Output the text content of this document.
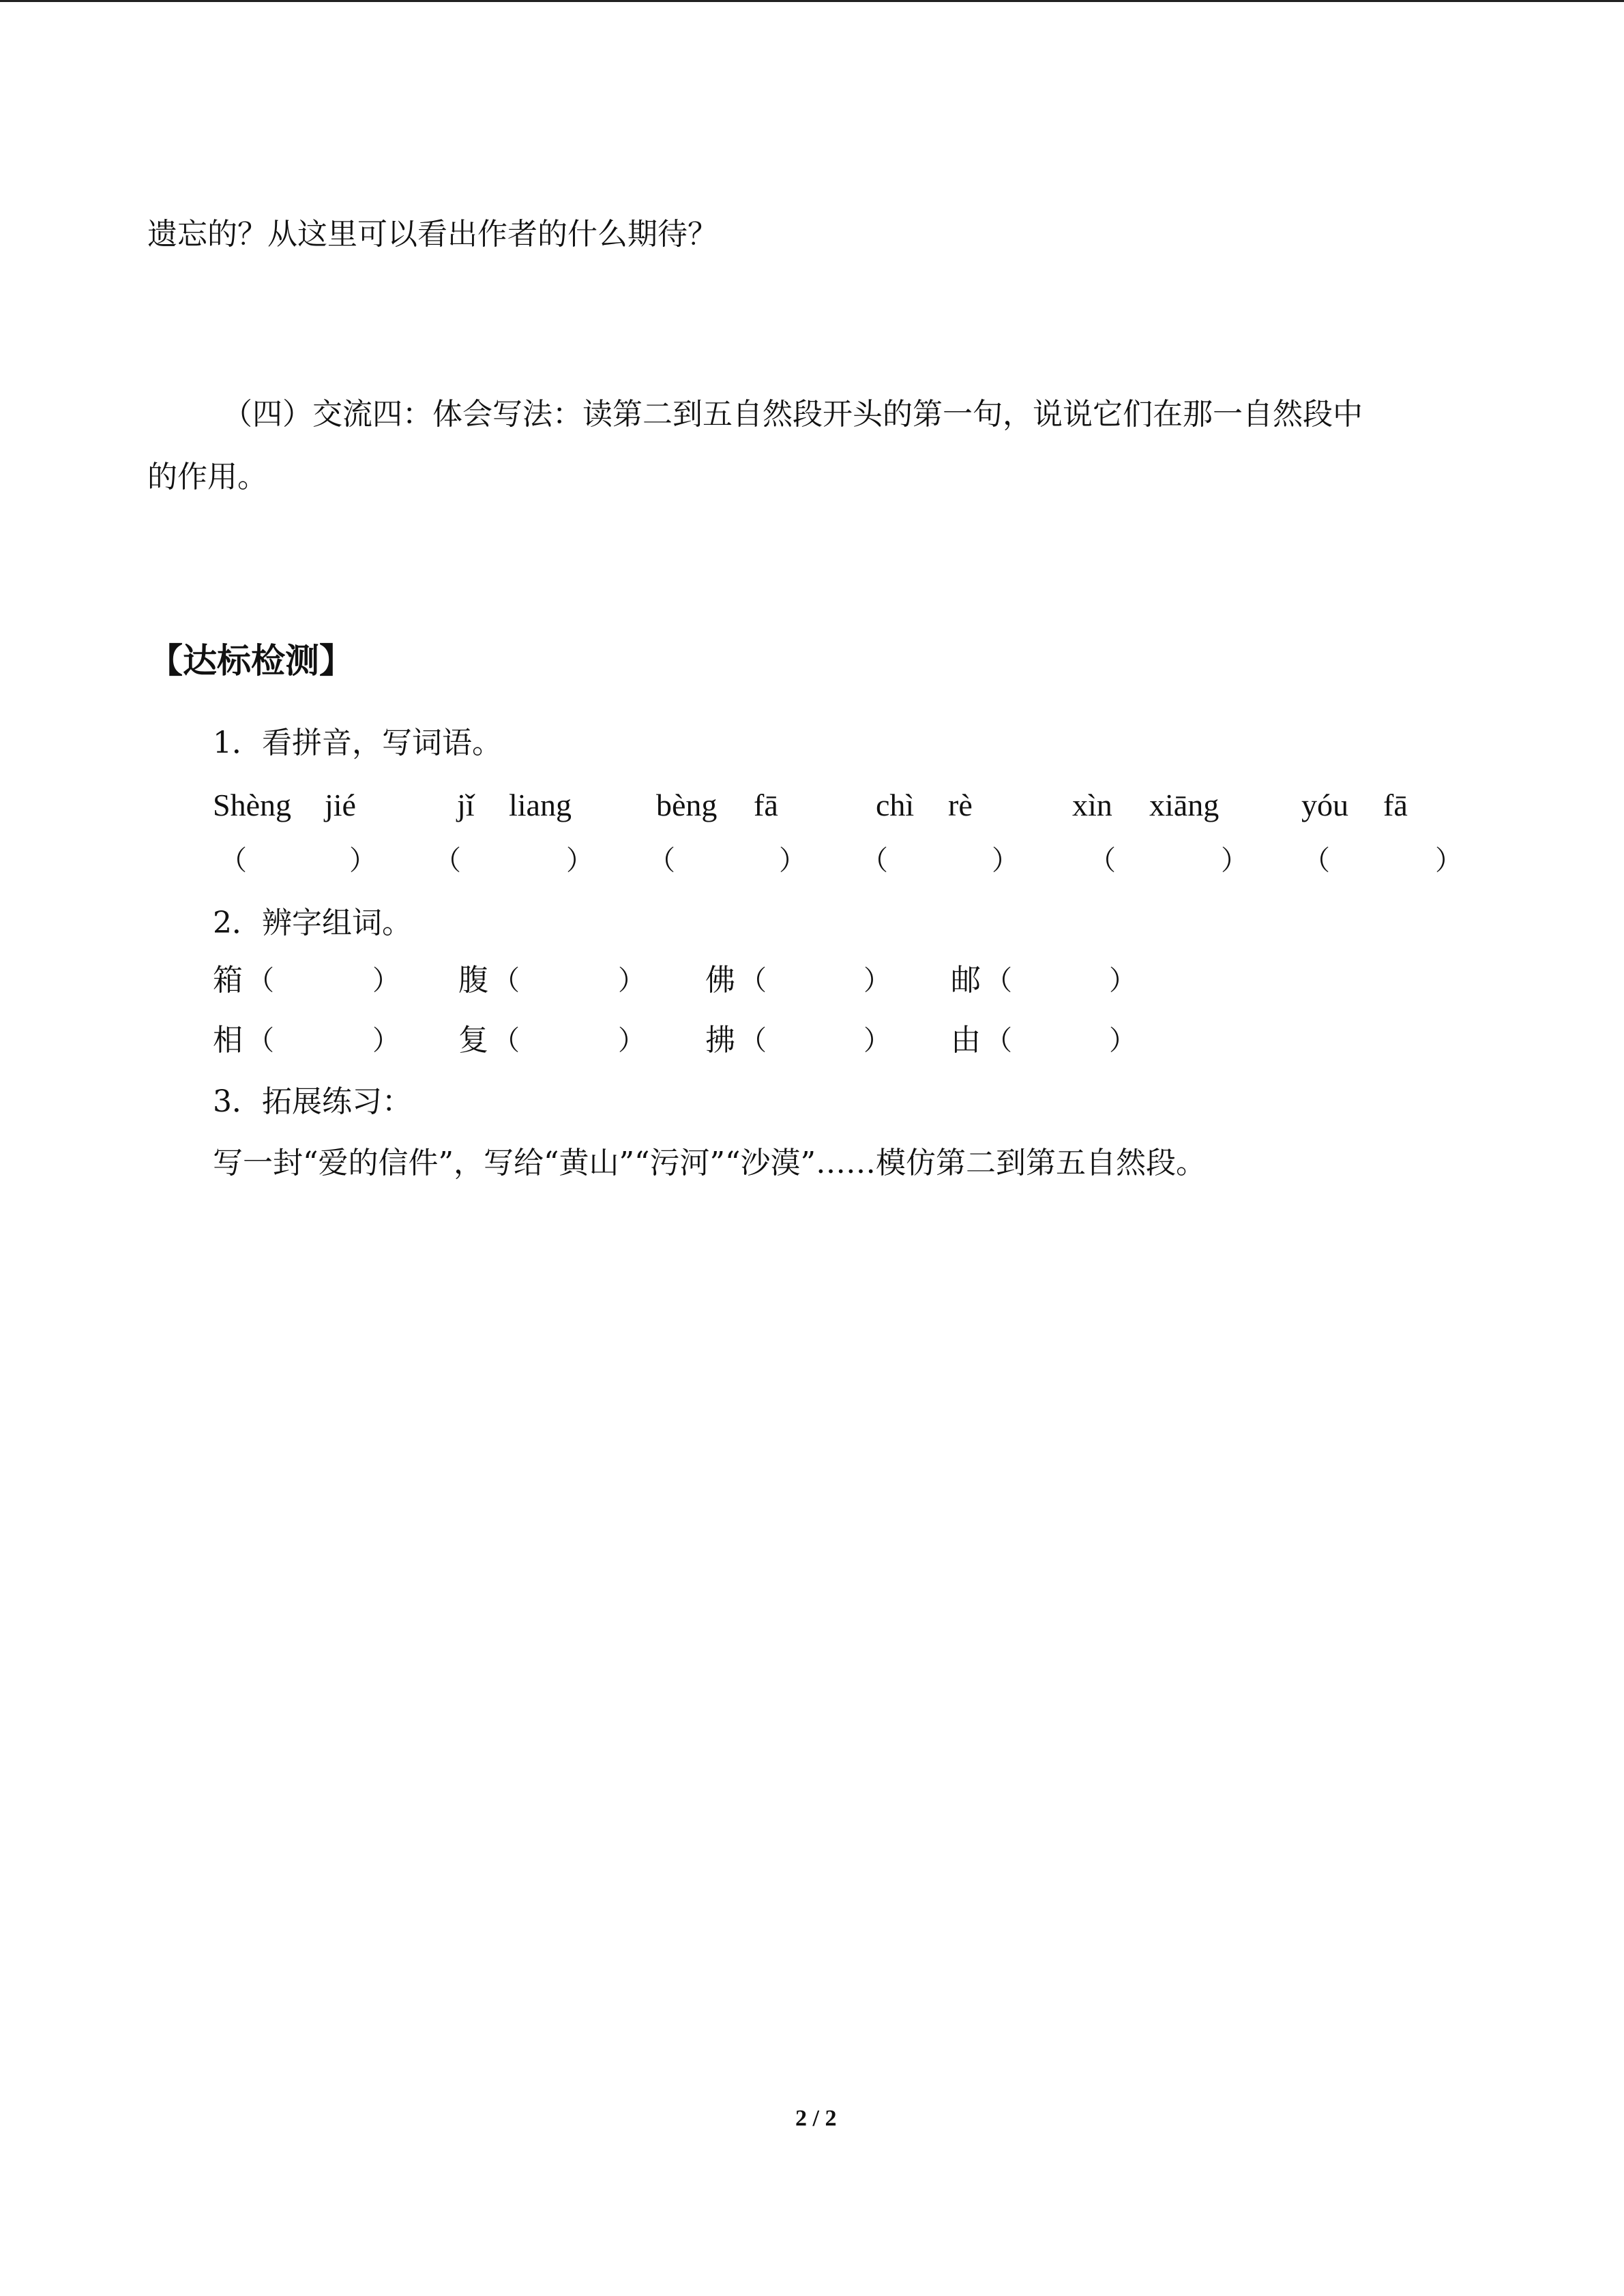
遗忘的？从这里可以看出作者的什么期待？
（四）交流四：体会写法：读第二到五自然段开头的第一句，说说它们在那一自然段中
的作用。
【达标检测】
1．看拼音，写词语。
Shèng jié	jǐ liang	bèng fā	chì rè	xìn xiāng	yóu fā
（	） （	） （	） （	）	（	） （	）
2．辨字组词。
箱 （	） 腹 （	） 佛 （	） 邮 （	）
相 （	） 复 （	） 拂 （	） 由 （	）
3．拓展练习：
写一封“爱的信件”，写给“黄山”“污河”“沙漠”……模仿第二到第五自然段。
2 / 2
